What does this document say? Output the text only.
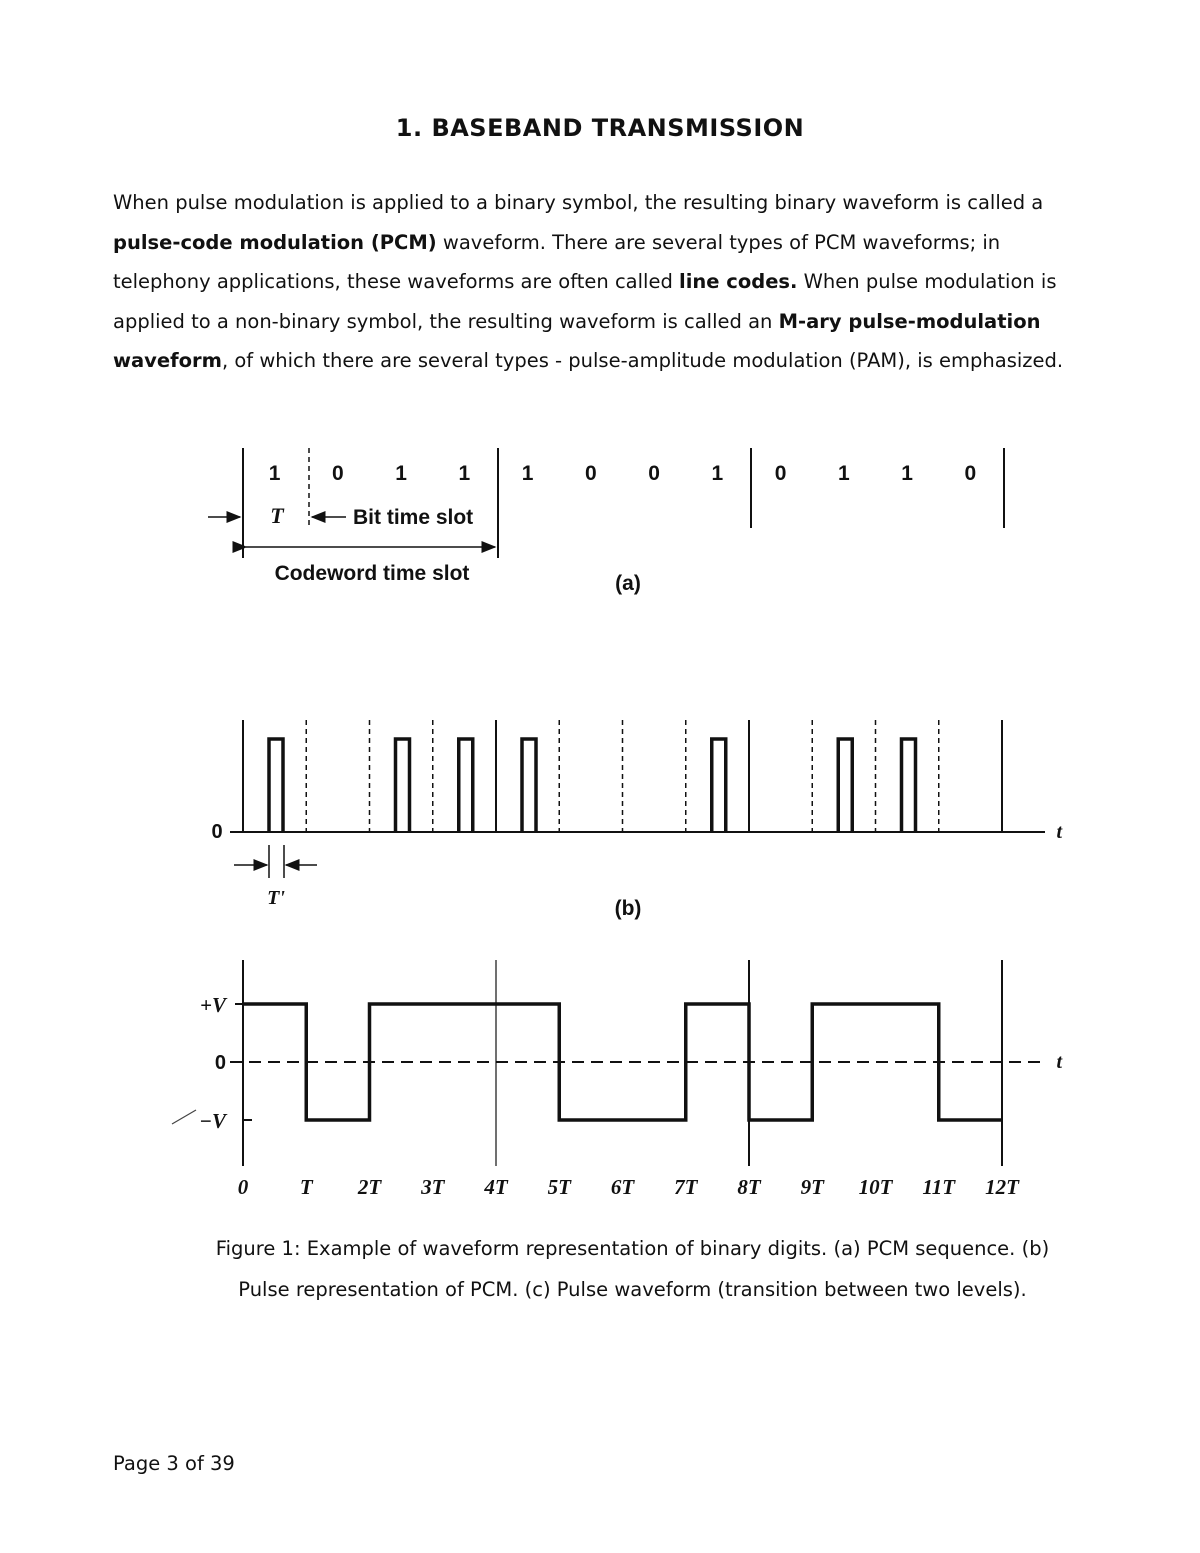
1. BASEBAND TRANSMISSION

When pulse modulation is applied to a binary symbol, the resulting binary waveform is called a pulse-code modulation (PCM) waveform. There are several types of PCM waveforms; in telephony applications, these waveforms are often called line codes. When pulse modulation is applied to a non-binary symbol, the resulting waveform is called an M-ary pulse-modulation waveform, of which there are several types - pulse-amplitude modulation (PAM), is emphasized.

T	Bit time slot
Codeword time slot	(a)
1 0 1 1 1 0 0 1 0 1 1 0
0	t
T'	(b)
+V
0
−V
t
0 T 2T 3T 4T 5T 6T 7T 8T 9T 10T 11T 12T

Figure 1: Example of waveform representation of binary digits. (a) PCM sequence. (b)
Pulse representation of PCM. (c) Pulse waveform (transition between two levels).

Page 3 of 39
